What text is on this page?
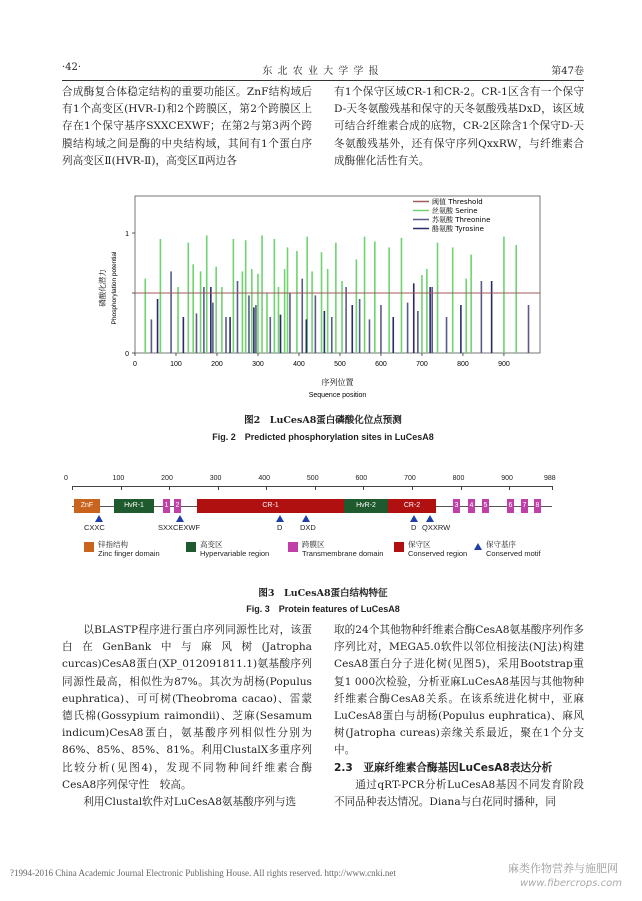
·42·	东 北 农 业 大 学 学 报	第47卷

合成酶复合体稳定结构的重要功能区。ZnF结构域后有1个高变区(HVR-Ⅰ)和2个跨膜区，第2个跨膜区上存在1个保守基序SXXCEXWF；在第2与第3两个跨膜结构域之间是酶的中央结构域，其间有1个蛋白序列高变区Ⅱ(HVR-Ⅱ)，高变区Ⅱ两边各

有1个保守区域CR-1和CR-2。CR-1区含有一个保守D-天冬氨酸残基和保守的天冬氨酸残基DxD，该区域可结合纤维素合成的底物，CR-2区除含1个保守D-天冬氨酸残基外，还有保守序列QxxRW，与纤维素合成酶催化活性有关。

0	100	200	300	400	500	600	700	800	900
0
1
序列位置
Sequence position
磷酸化潜力 Phosphorylation potential
阈值 Threshold
丝氨酸 Serine
苏氨酸 Threonine
酪氨酸 Tyrosine
图2　LuCesA8蛋白磷酸化位点预测
Fig. 2　Predicted phosphorylation sites in LuCesA8
0	100	200	300	400	500	600	700	800	900	988
ZnF	HvR-1	1 2	CR-1	HvR-2	CR-2	3 4 5	6 7 8
CXXC	SXXCEXWF	D DXD	D QXXRW
锌指结构
Zinc finger domain
高变区
Hypervariable region
跨膜区
Transmembrane domain
保守区
Conserved region
保守基序
Conserved motif
图3　LuCesA8蛋白结构特征
Fig. 3　Protein features of LuCesA8

以BLASTP程序进行蛋白序列同源性比对，该蛋白在GenBank中与麻风树(Jatropha curcas)CesA8蛋白(XP_012091811.1)氨基酸序列同源性最高，相似性为87%。其次为胡杨(Populus euphratica)、可可树(Theobroma cacao)、雷蒙德氏棉(Gossypium raimondii)、芝麻(Sesamum indicum)CesA8蛋白，氨基酸序列相似性分别为86%、85%、85%、81%。利用ClustalX多重序列比较分析(见图4)，发现不同物种间纤维素合酶CesA8序列保守性　较高。

利用Clustal软件对LuCesA8氨基酸序列与选

取的24个其他物种纤维素合酶CesA8氨基酸序列作多序列比对，MEGA5.0软件以邻位相接法(NJ法)构建CesA8蛋白分子进化树(见图5)，采用Bootstrap重复1 000次检验，分析亚麻LuCesA8基因与其他物种纤维素合酶CesA8关系。在该系统进化树中，亚麻LuCesA8蛋白与胡杨(Populus euphratica)、麻风树(Jatropha cureas)亲缘关系最近，聚在1个分支中。

2.3　亚麻纤维素合酶基因LuCesA8表达分析

通过qRT-PCR分析LuCesA8基因不同发育阶段不同品种表达情况。Diana与白花同时播种，同

?1994-2016 China Academic Journal Electronic Publishing House. All rights reserved. http://www.cnki.net	麻类作物营养与施肥网
www.fibercrops.com
